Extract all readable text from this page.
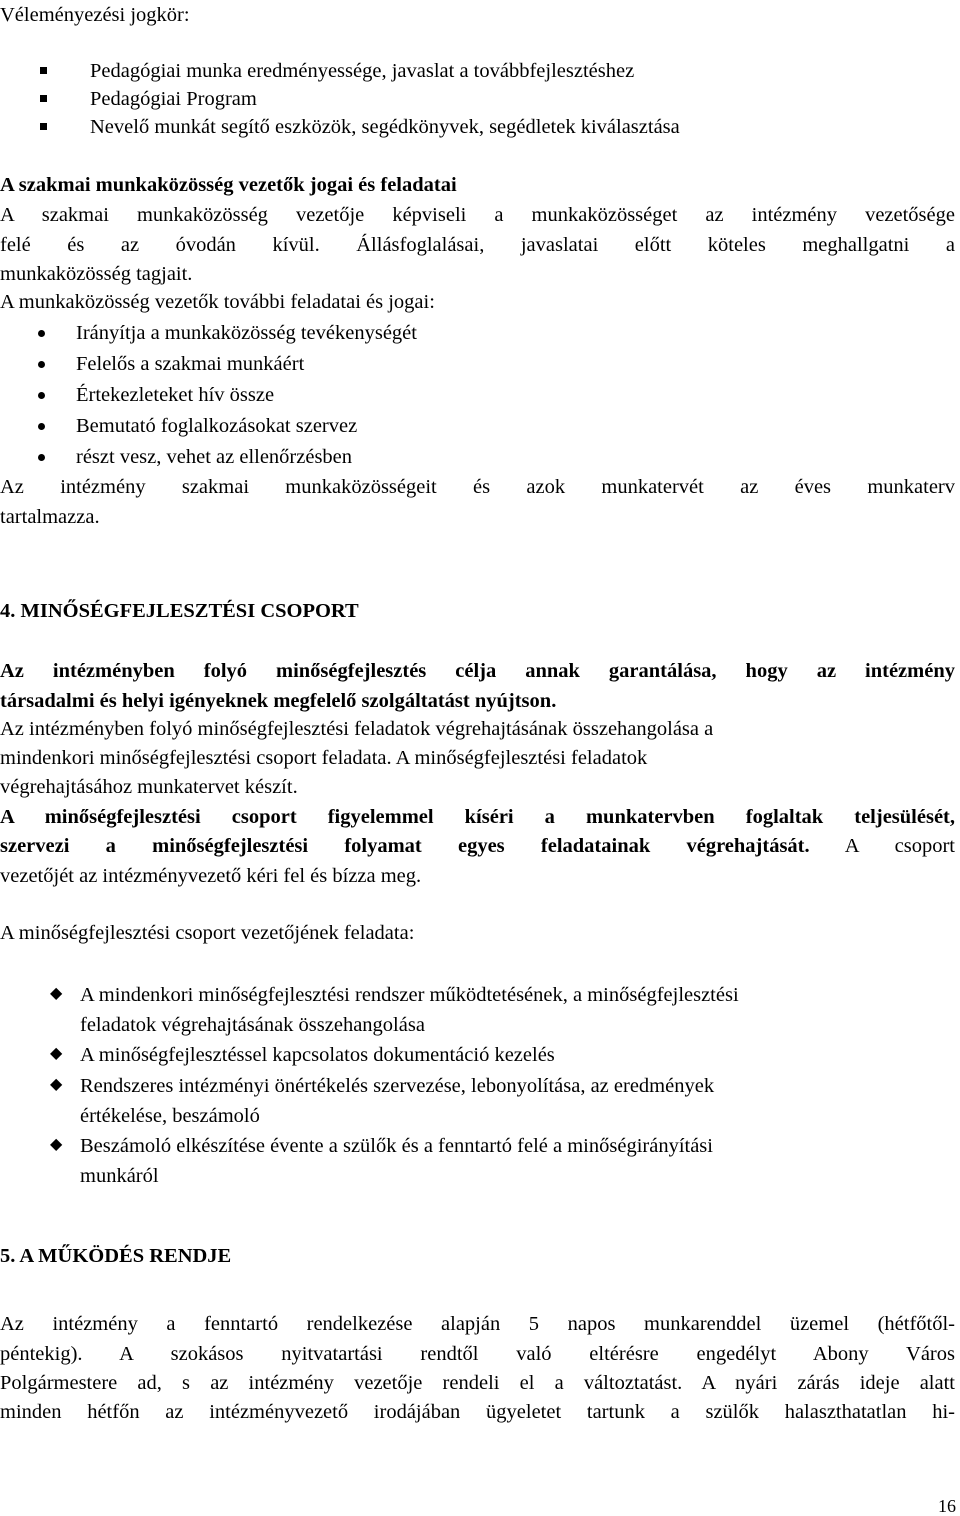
Véleményezési jogkör:
Pedagógiai munka eredményessége, javaslat a továbbfejlesztéshez
Pedagógiai Program
Nevelő munkát segítő eszközök, segédkönyvek, segédletek kiválasztása
A szakmai munkaközösség vezetők jogai és feladatai
A szakmai munkaközösség vezetője képviseli a munkaközösséget az intézmény vezetősége
felé és az óvodán kívül. Állásfoglalásai, javaslatai előtt köteles meghallgatni a
munkaközösség tagjait.
A munkaközösség vezetők további feladatai és jogai:
Irányítja a munkaközösség tevékenységét
Felelős a szakmai munkáért
Értekezleteket hív össze
Bemutató foglalkozásokat szervez
részt vesz, vehet az ellenőrzésben
Az intézmény szakmai munkaközösségeit és azok munkatervét az éves munkaterv
tartalmazza.
4. MINŐSÉGFEJLESZTÉSI CSOPORT
Az intézményben folyó minőségfejlesztés célja annak garantálása, hogy az intézmény
társadalmi és helyi igényeknek megfelelő szolgáltatást nyújtson.
Az intézményben folyó minőségfejlesztési feladatok végrehajtásának összehangolása a
mindenkori minőségfejlesztési csoport feladata. A minőségfejlesztési feladatok
végrehajtásához munkatervet készít.
A minőségfejlesztési csoport figyelemmel kíséri a munkatervben foglaltak teljesülését,
szervezi a minőségfejlesztési folyamat egyes feladatainak végrehajtását. A csoport
vezetőjét az intézményvezető kéri fel és bízza meg.
A minőségfejlesztési csoport vezetőjének feladata:
◆ A mindenkori minőségfejlesztési rendszer működtetésének, a minőségfejlesztési
feladatok végrehajtásának összehangolása
◆ A minőségfejlesztéssel kapcsolatos dokumentáció kezelés
◆ Rendszeres intézményi önértékelés szervezése, lebonyolítása, az eredmények
értékelése, beszámoló
◆ Beszámoló elkészítése évente a szülők és a fenntartó felé a minőségirányítási
munkáról
5. A MŰKÖDÉS RENDJE
Az intézmény a fenntartó rendelkezése alapján 5 napos munkarenddel üzemel (hétfőtől-
péntekig). A szokásos nyitvatartási rendtől való eltérésre engedélyt Abony Város
Polgármestere ad, s az intézmény vezetője rendeli el a változtatást. A nyári zárás ideje alatt
minden hétfőn az intézményvezető irodájában ügyeletet tartunk a szülők halaszthatatlan hi-
16
